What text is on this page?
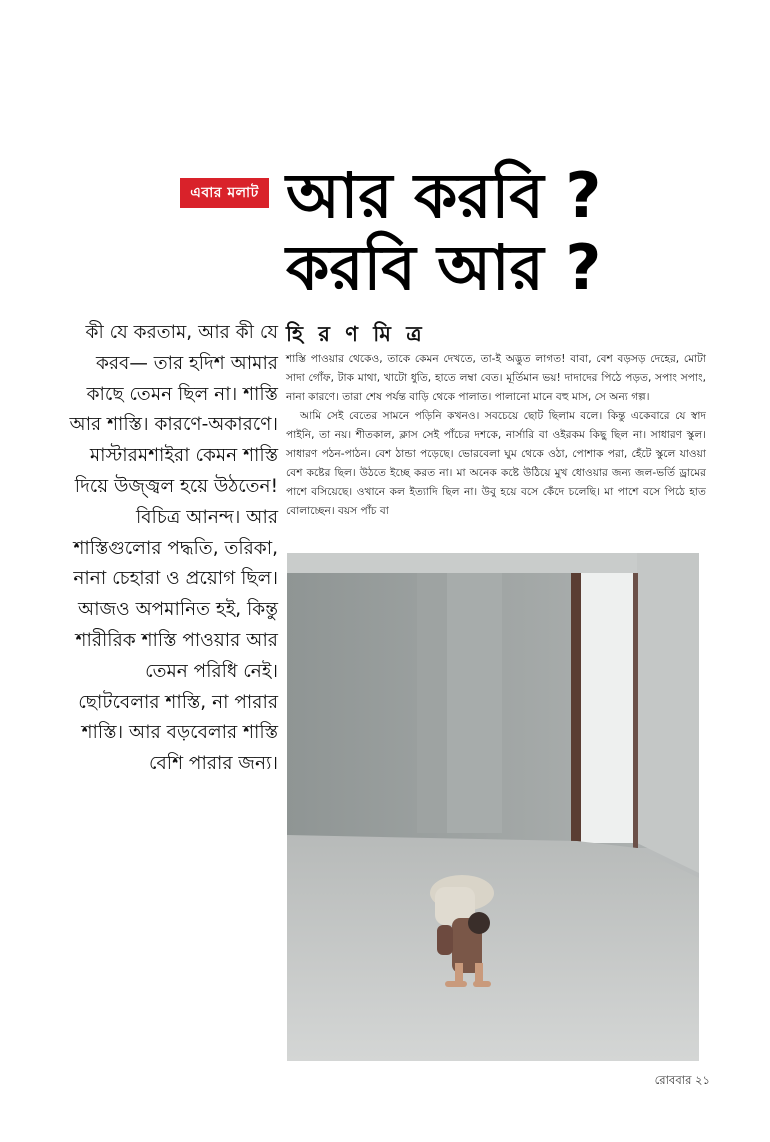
এবার মলাট আর করবি ?
করবি আর ?
কী যে করতাম, আর কী যে করব— তার হদিশ আমার কাছে তেমন ছিল না। শাস্তি আর শাস্তি। কারণে-অকারণে। মাস্টারমশাইরা কেমন শাস্তি দিয়ে উজ্জ্বল হয়ে উঠতেন! বিচিত্র আনন্দ। আর শাস্তিগুলোর পদ্ধতি, তরিকা, নানা চেহারা ও প্রয়োগ ছিল। আজও অপমানিত হই, কিন্তু শারীরিক শাস্তি পাওয়ার আর তেমন পরিধি নেই। ছোটবেলার শাস্তি, না পারার শাস্তি। আর বড়বেলার শাস্তি বেশি পারার জন্য।
হি র ণ মি ত্র

শাস্তি পাওয়ার থেকেও, তাকে কেমন দেখতে, তা-ই অদ্ভুত লাগত! বাবা, বেশ বড়সড় দেহের, মোটা সাদা গোঁফ, টাক মাথা, খাটো ধুতি, হাতে লম্বা বেত। মূর্তিমান ভয়! দাদাদের পিঠে পড়ত, সপাং সপাং, নানা কারণে। তারা শেষ পর্যন্ত বাড়ি থেকে পালাত। পালানো মানে বহু মাস, সে অন্য গল্প।

আমি সেই বেতের সামনে পড়িনি কখনও। সবচেয়ে ছোট ছিলাম বলে। কিন্তু একেবারে যে স্বাদ পাইনি, তা নয়। শীতকাল, ক্লাস সেই পাঁচের দশকে, নার্সারি বা ওইরকম কিছু ছিল না। সাধারণ স্কুল। সাধারণ পঠন-পাঠন। বেশ ঠান্ডা পড়েছে। ভোরবেলা ঘুম থেকে ওঠা, পোশাক পরা, হেঁটে স্কুলে যাওয়া বেশ কষ্টের ছিল। উঠতে ইচ্ছে করত না। মা অনেক কষ্টে উঠিয়ে মুখ ধোওয়ার জন্য জল-ভর্তি ড্রামের পাশে বসিয়েছে। ওখানে কল ইত্যাদি ছিল না। উবু হয়ে বসে কেঁদে চলেছি। মা পাশে বসে পিঠে হাত বোলাচ্ছেন। বয়স পাঁচ বা

রোববার ২১
